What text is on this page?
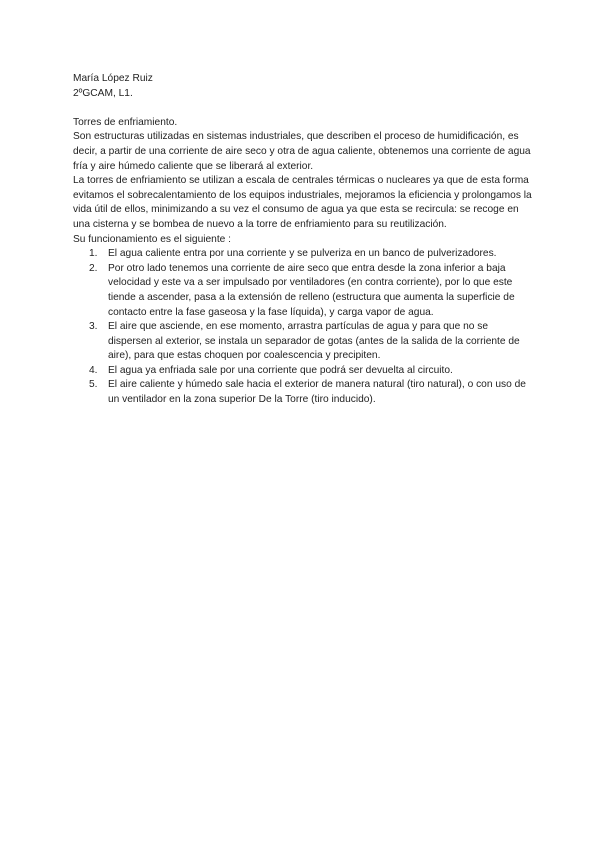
María López Ruiz

2ºGCAM, L1.

Torres de enfriamiento.

Son estructuras utilizadas en sistemas industriales, que describen el proceso de humidificación, es decir, a partir de una corriente de aire seco y otra de agua caliente, obtenemos una corriente de agua fría y aire húmedo caliente que se liberará al exterior.

La torres de enfriamiento se utilizan a escala de centrales térmicas o nucleares ya que de esta forma evitamos el sobrecalentamiento de los equipos industriales, mejoramos la eficiencia y prolongamos la vida útil de ellos, minimizando a su vez el consumo de agua ya que esta se recircula: se recoge en una cisterna y se bombea de nuevo a la torre de enfriamiento para su reutilización.

Su funcionamiento es el siguiente :

1. El agua caliente entra por una corriente y se pulveriza en un banco de pulverizadores.
2. Por otro lado tenemos una corriente de aire seco que entra desde la zona inferior a baja velocidad y este va a ser impulsado por ventiladores (en contra corriente), por lo que este tiende a ascender, pasa a la extensión de relleno (estructura que aumenta la superficie de contacto entre la fase gaseosa y la fase líquida), y carga vapor de agua.
3. El aire que asciende, en ese momento, arrastra partículas de agua y para que no se dispersen al exterior, se instala un separador de gotas (antes de la salida de la corriente de aire), para que estas choquen por coalescencia y precipiten.
4. El agua ya enfriada sale por una corriente que podrá ser devuelta al circuito.
5. El aire caliente y húmedo sale hacia el exterior de manera natural (tiro natural), o con uso de un ventilador en la zona superior De la Torre (tiro inducido).
